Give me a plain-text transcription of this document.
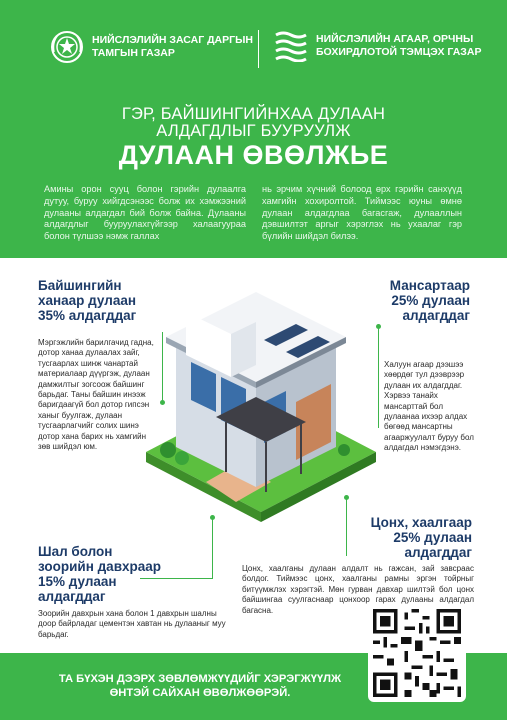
НИЙСЛЭЛИЙН ЗАСАГ ДАРГЫН
ТАМГЫН ГАЗАР
НИЙСЛЭЛИЙН АГААР, ОРЧНЫ
БОХИРДЛОТОЙ ТЭМЦЭХ ГАЗАР
ГЭР, БАЙШИНГИЙНХАА ДУЛААН
АЛДАГДЛЫГ БУУРУУЛЖ
ДУЛААН ӨВӨЛЖЬЕ

Амины орон сууц болон гэрийн дулаалга дутуу, буруу хийгдсэнээс болж их хэмжээний дулааны алдагдал бий болж байна. Дулааны алдагдлыг бууруулахгүйгээр халаагуураа болон түлшээ нэмж галлах

нь эрчим хүчний болоод өрх гэрийн санхүүд хамгийн хохиролтой. Тиймээс юуны өмнө дулаан алдагдлаа багасгаж, дулааллын дэвшилтэт аргыг хэрэглэх нь ухаалаг гэр бүлийн шийдэл билээ.

Байшингийн
ханаар дулаан
35% алдагддаг
Мэргэжлийн барилгачид гадна, дотор ханаа дулаалах зайг, тусгаарлах шинж чанартай материалаар дүүргэж, дулаан дамжилтыг зогсоож байшинг барьдаг. Таны байшин инээж баригдаагүй бол дотор гипсэн ханыг буулгаж, дулаан тусгаарлагчийг солих шинэ дотор хана барих нь хамгийн зөв шийдэл юм.
Мансартаар
25% дулаан
алдагддаг
Халуун агаар дээшээ хөөрдөг тул дээврээр дулаан их алдагддаг. Хэрвээ танайх мансарттай бол дулаанаа ихээр алдах бөгөөд мансартны агааржуулалт буруу бол алдагдал нэмэгдэнэ.
Цонх, хаалгаар
25% дулаан
алдагддаг
Цонх, хаалганы дулаан алдалт нь гажсан, зай завсраас болдог. Тиймээс цонх, хаалганы рамны эргэн тойрныг битүүмжлэх хэрэгтэй. Мөн гурван давхар шилтэй бол цонх байшингаа суулгаснаар цонхоор гарах дулааны алдагдал багасна.
Шал болон
зоорийн давхраар
15% дулаан
алдагддаг
Зоорийн давхрын хана болон 1 давхрын шалны доор байрладаг цементэн хавтан нь дулааныг муу барьдаг.
ТА БҮХЭН ДЭЭРХ ЗӨВЛӨМЖҮҮДИЙГ ХЭРЭГЖҮҮЛЖ
ӨНТЭЙ САЙХАН ӨВӨЛЖӨӨРЭЙ.
